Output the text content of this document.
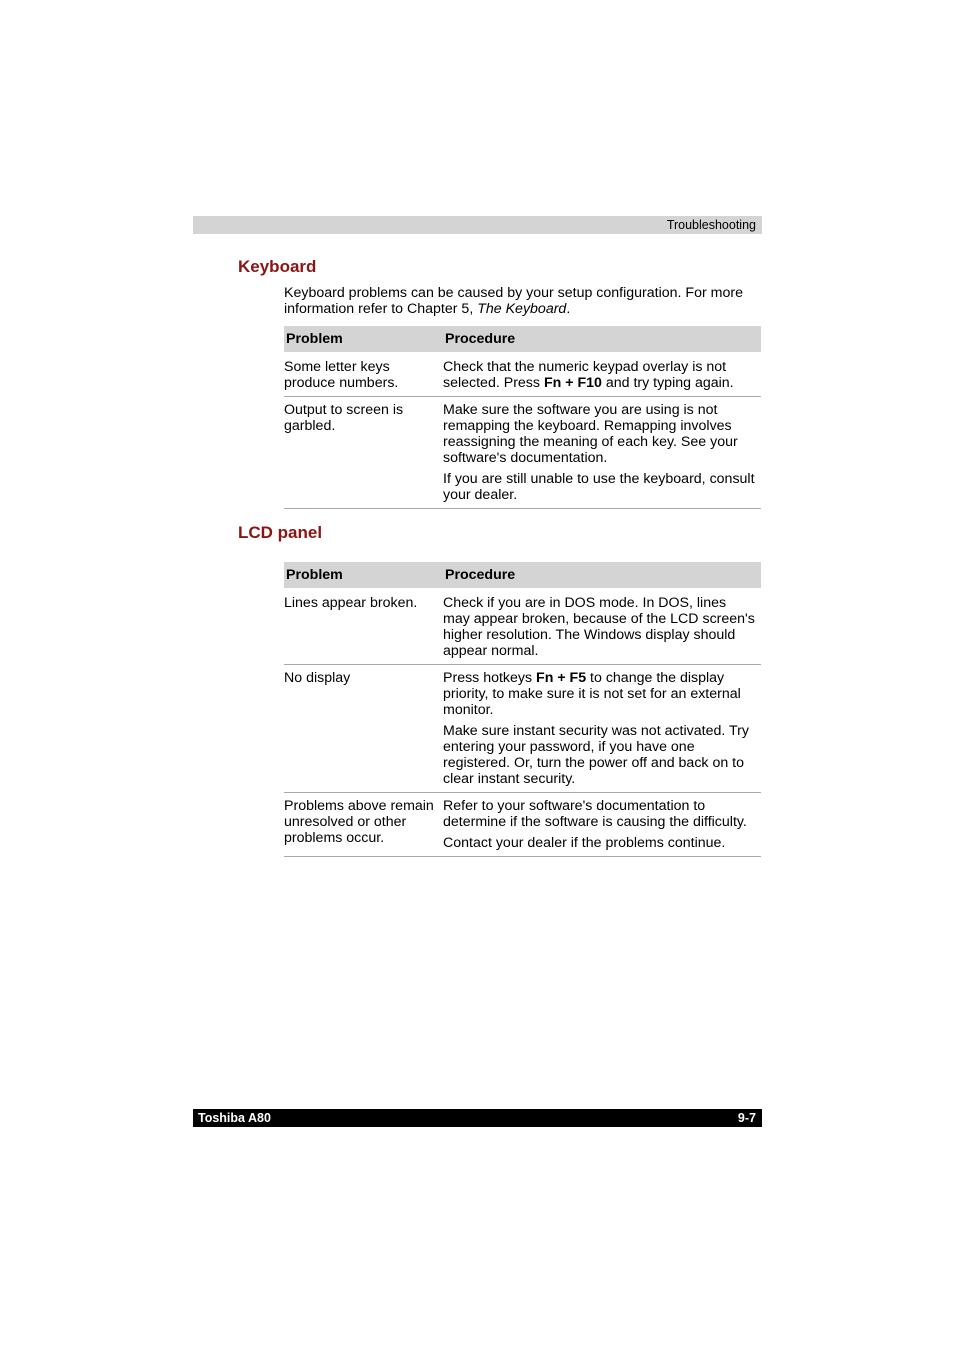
Troubleshooting
Keyboard

Keyboard problems can be caused by your setup configuration. For more information refer to Chapter 5, The Keyboard.

Problem	Procedure
Some letter keys produce numbers.	Check that the numeric keypad overlay is not selected. Press Fn + F10 and try typing again.

Output to screen is garbled.	Make sure the software you are using is not remapping the keyboard. Remapping involves reassigning the meaning of each key. See your software's documentation.

If you are still unable to use the keyboard, consult your dealer.

LCD panel
Problem	Procedure
Lines appear broken.	Check if you are in DOS mode. In DOS, lines may appear broken, because of the LCD screen's higher resolution. The Windows display should appear normal.

No display	Press hotkeys Fn + F5 to change the display priority, to make sure it is not set for an external monitor.

Make sure instant security was not activated. Try entering your password, if you have one registered. Or, turn the power off and back on to clear instant security.

Problems above remain unresolved or other problems occur.	Refer to your software's documentation to determine if the software is causing the difficulty.

Contact your dealer if the problems continue.

Toshiba A80	9-7
